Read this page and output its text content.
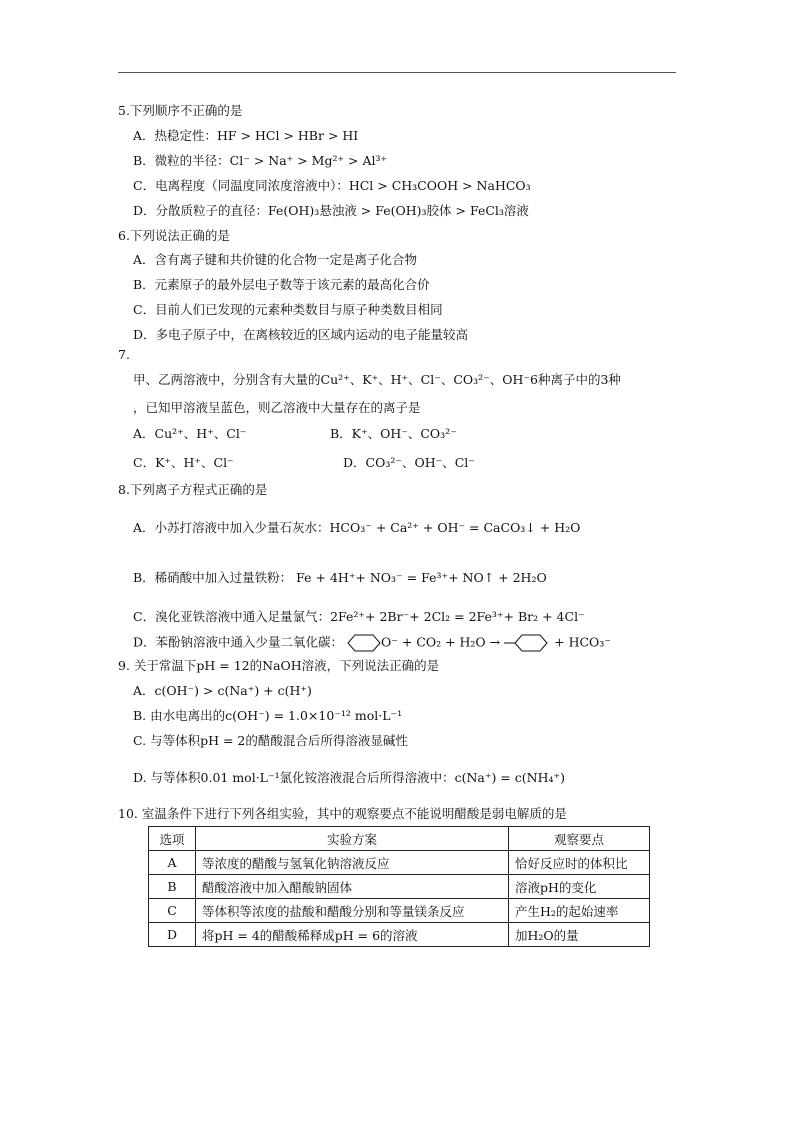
5.下列顺序不正确的是
A．热稳定性：HF > HCl > HBr > HI
B．微粒的半径：Cl⁻ > Na⁺ > Mg²⁺ > Al³⁺
C．电离程度（同温度同浓度溶液中）：HCl > CH₃COOH > NaHCO₃
D．分散质粒子的直径：Fe(OH)₃悬浊液 > Fe(OH)₃胶体 > FeCl₃溶液
6.下列说法正确的是
A．含有离子键和共价键的化合物一定是离子化合物
B．元素原子的最外层电子数等于该元素的最高化合价
C．目前人们已发现的元素种类数目与原子种类数目相同
D．多电子原子中，在离核较近的区域内运动的电子能量较高
7.
甲、乙两溶液中，分别含有大量的Cu²⁺、K⁺、H⁺、Cl⁻、CO₃²⁻、OH⁻6种离子中的3种
，已知甲溶液呈蓝色，则乙溶液中大量存在的离子是
A．Cu²⁺、H⁺、Cl⁻	B．K⁺、OH⁻、CO₃²⁻
C．K⁺、H⁺、Cl⁻	D．CO₃²⁻、OH⁻、Cl⁻
8.下列离子方程式正确的是
A．小苏打溶液中加入少量石灰水：HCO₃⁻ + Ca²⁺ + OH⁻ = CaCO₃↓ + H₂O
B．稀硝酸中加入过量铁粉： Fe + 4H⁺+ NO₃⁻ = Fe³⁺+ NO↑ + 2H₂O
C．溴化亚铁溶液中通入足量氯气：2Fe²⁺+ 2Br⁻+ 2Cl₂ = 2Fe³⁺+ Br₂ + 4Cl⁻
D．苯酚钠溶液中通入少量二氧化碳：	O⁻ + CO₂ + H₂O →	+ HCO₃⁻
9. 关于常温下pH = 12的NaOH溶液，下列说法正确的是
A．c(OH⁻) > c(Na⁺) + c(H⁺)
B. 由水电离出的c(OH⁻) = 1.0×10⁻¹² mol·L⁻¹
C. 与等体积pH = 2的醋酸混合后所得溶液显碱性
D. 与等体积0.01 mol·L⁻¹氯化铵溶液混合后所得溶液中：c(Na⁺) = c(NH₄⁺)
10. 室温条件下进行下列各组实验，其中的观察要点不能说明醋酸是弱电解质的是
选项	实验方案	观察要点
A	等浓度的醋酸与氢氧化钠溶液反应	恰好反应时的体积比
B	醋酸溶液中加入醋酸钠固体	溶液pH的变化
C	等体积等浓度的盐酸和醋酸分别和等量镁条反应	产生H₂的起始速率
D	将pH = 4的醋酸稀释成pH = 6的溶液	加H₂O的量
